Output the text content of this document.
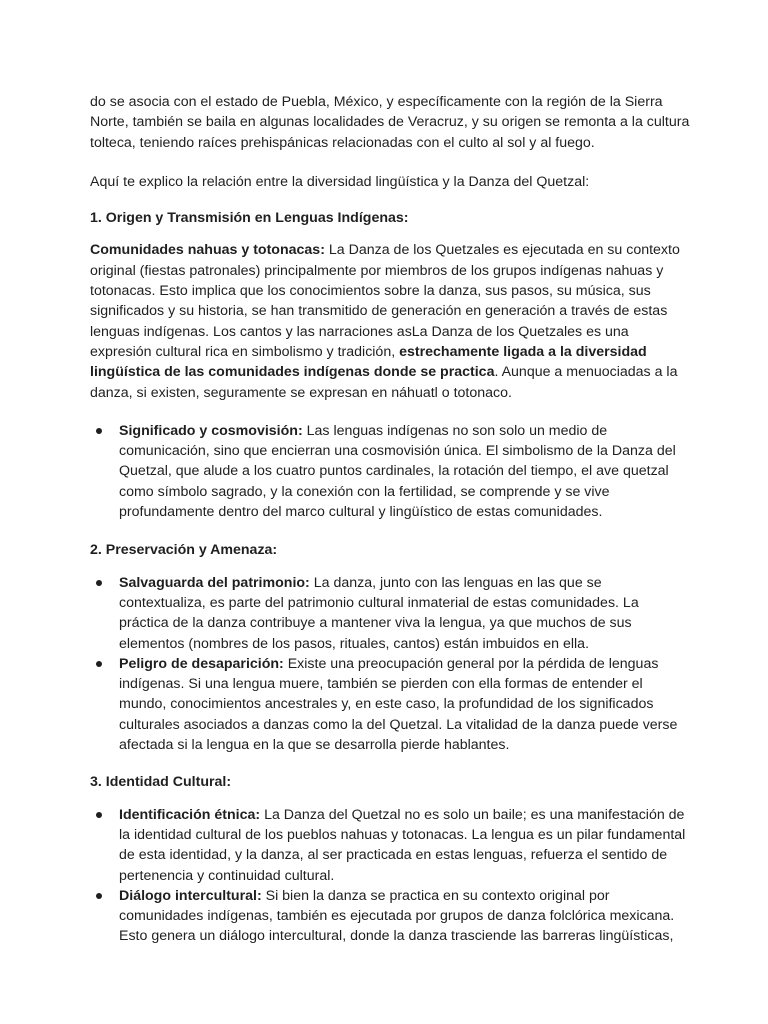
do se asocia con el estado de Puebla, México, y específicamente con la región de la Sierra Norte, también se baila en algunas localidades de Veracruz, y su origen se remonta a la cultura tolteca, teniendo raíces prehispánicas relacionadas con el culto al sol y al fuego.

Aquí te explico la relación entre la diversidad lingüística y la Danza del Quetzal:

1. Origen y Transmisión en Lenguas Indígenas:

Comunidades nahuas y totonacas: La Danza de los Quetzales es ejecutada en su contexto original (fiestas patronales) principalmente por miembros de los grupos indígenas nahuas y totonacas. Esto implica que los conocimientos sobre la danza, sus pasos, su música, sus significados y su historia, se han transmitido de generación en generación a través de estas lenguas indígenas. Los cantos y las narraciones asLa Danza de los Quetzales es una expresión cultural rica en simbolismo y tradición, estrechamente ligada a la diversidad lingüística de las comunidades indígenas donde se practica. Aunque a menuociadas a la danza, si existen, seguramente se expresan en náhuatl o totonaco.

Significado y cosmovisión: Las lenguas indígenas no son solo un medio de comunicación, sino que encierran una cosmovisión única. El simbolismo de la Danza del Quetzal, que alude a los cuatro puntos cardinales, la rotación del tiempo, el ave quetzal como símbolo sagrado, y la conexión con la fertilidad, se comprende y se vive profundamente dentro del marco cultural y lingüístico de estas comunidades.

2. Preservación y Amenaza:

Salvaguarda del patrimonio: La danza, junto con las lenguas en las que se contextualiza, es parte del patrimonio cultural inmaterial de estas comunidades. La práctica de la danza contribuye a mantener viva la lengua, ya que muchos de sus elementos (nombres de los pasos, rituales, cantos) están imbuidos en ella.
Peligro de desaparición: Existe una preocupación general por la pérdida de lenguas indígenas. Si una lengua muere, también se pierden con ella formas de entender el mundo, conocimientos ancestrales y, en este caso, la profundidad de los significados culturales asociados a danzas como la del Quetzal. La vitalidad de la danza puede verse afectada si la lengua en la que se desarrolla pierde hablantes.

3. Identidad Cultural:

Identificación étnica: La Danza del Quetzal no es solo un baile; es una manifestación de la identidad cultural de los pueblos nahuas y totonacas. La lengua es un pilar fundamental de esta identidad, y la danza, al ser practicada en estas lenguas, refuerza el sentido de pertenencia y continuidad cultural.
Diálogo intercultural: Si bien la danza se practica en su contexto original por comunidades indígenas, también es ejecutada por grupos de danza folclórica mexicana. Esto genera un diálogo intercultural, donde la danza trasciende las barreras lingüísticas,
